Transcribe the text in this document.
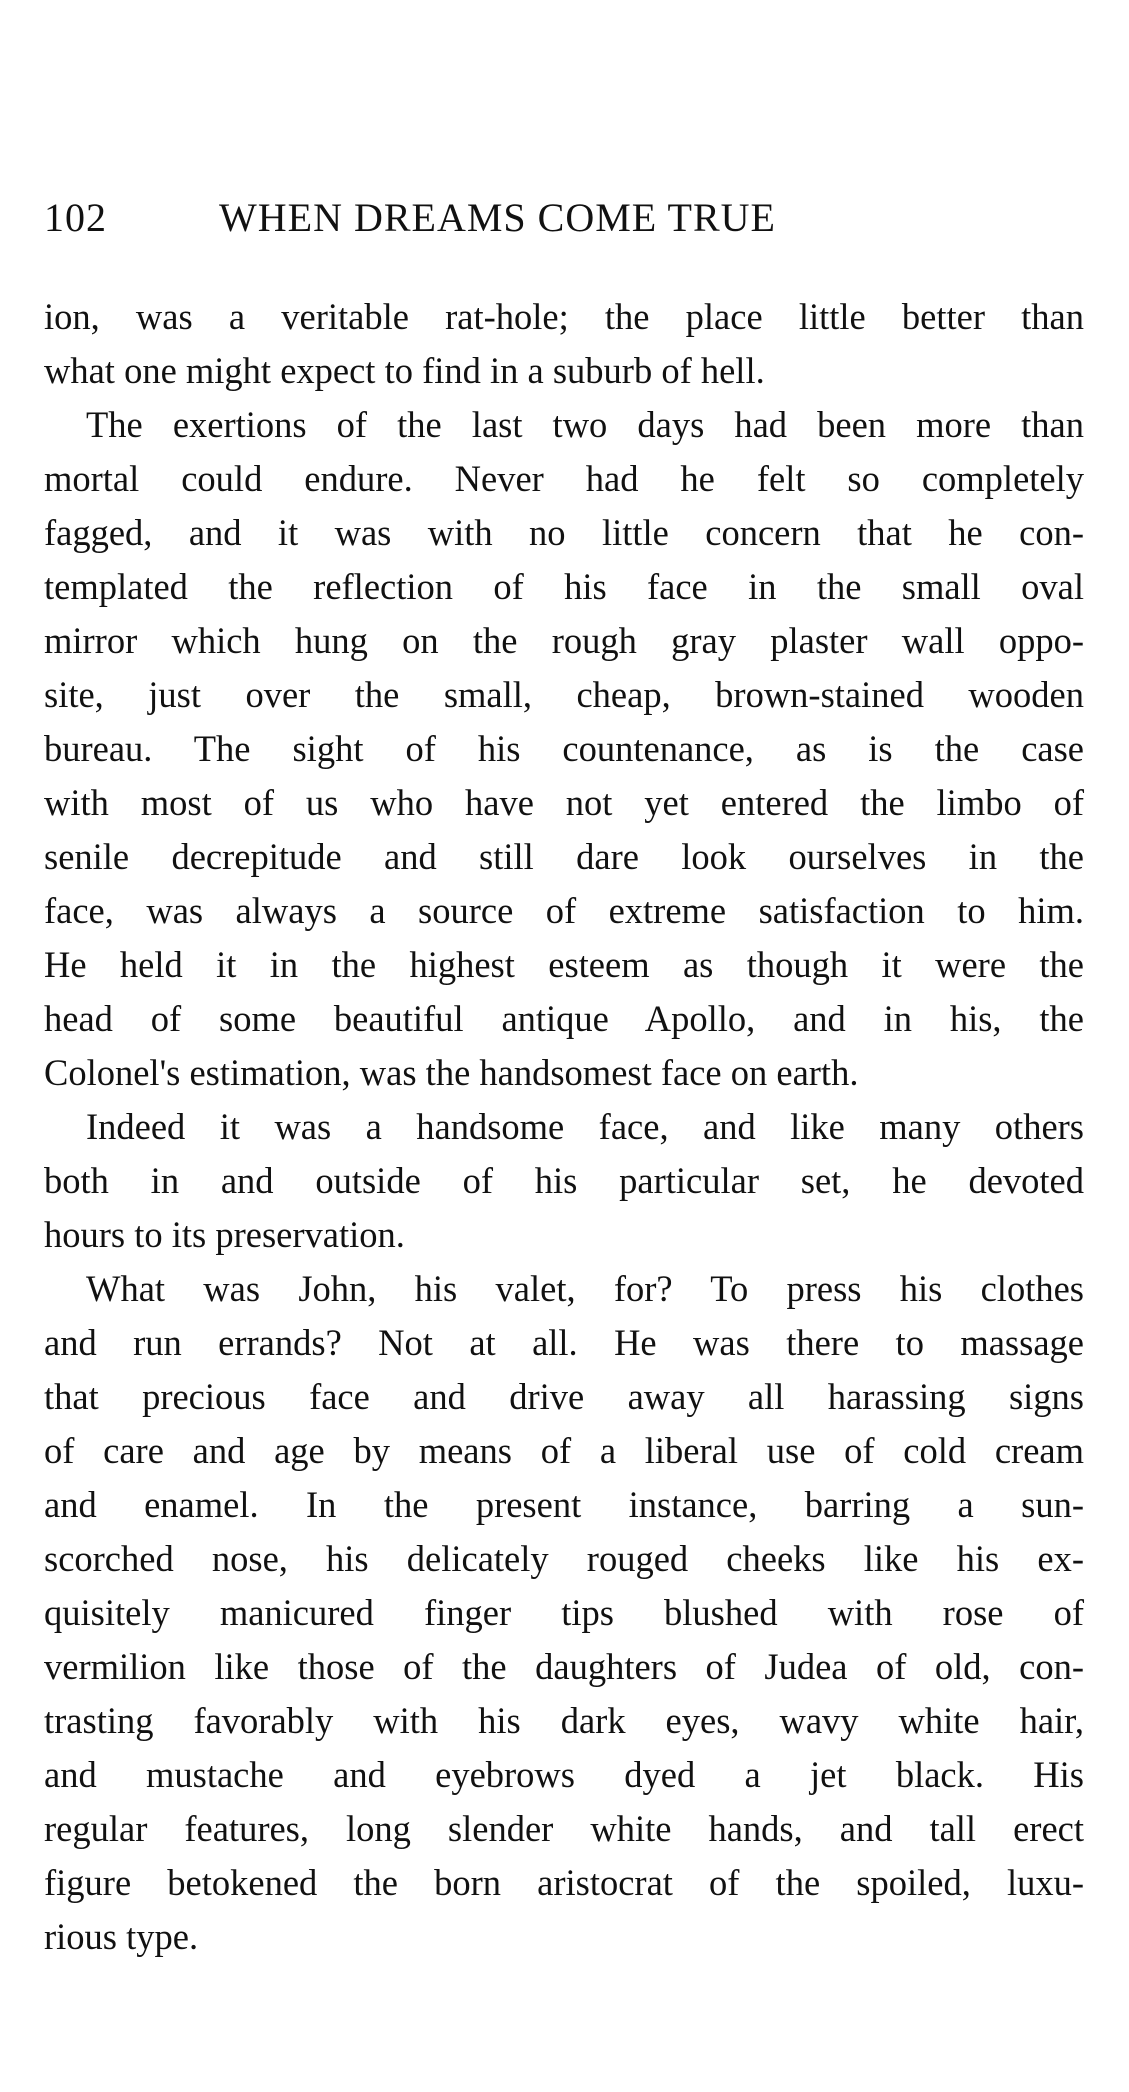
102	WHEN DREAMS COME TRUE
ion, was a veritable rat-hole; the place little better than
what one might expect to find in a suburb of hell.
The exertions of the last two days had been more than
mortal could endure. Never had he felt so completely
fagged, and it was with no little concern that he con-
templated the reflection of his face in the small oval
mirror which hung on the rough gray plaster wall oppo-
site, just over the small, cheap, brown-stained wooden
bureau. The sight of his countenance, as is the case
with most of us who have not yet entered the limbo of
senile decrepitude and still dare look ourselves in the
face, was always a source of extreme satisfaction to him.
He held it in the highest esteem as though it were the
head of some beautiful antique Apollo, and in his, the
Colonel's estimation, was the handsomest face on earth.
Indeed it was a handsome face, and like many others
both in and outside of his particular set, he devoted
hours to its preservation.
What was John, his valet, for? To press his clothes
and run errands? Not at all. He was there to massage
that precious face and drive away all harassing signs
of care and age by means of a liberal use of cold cream
and enamel. In the present instance, barring a sun-
scorched nose, his delicately rouged cheeks like his ex-
quisitely manicured finger tips blushed with rose of
vermilion like those of the daughters of Judea of old, con-
trasting favorably with his dark eyes, wavy white hair,
and mustache and eyebrows dyed a jet black. His
regular features, long slender white hands, and tall erect
figure betokened the born aristocrat of the spoiled, luxu-
rious type.
